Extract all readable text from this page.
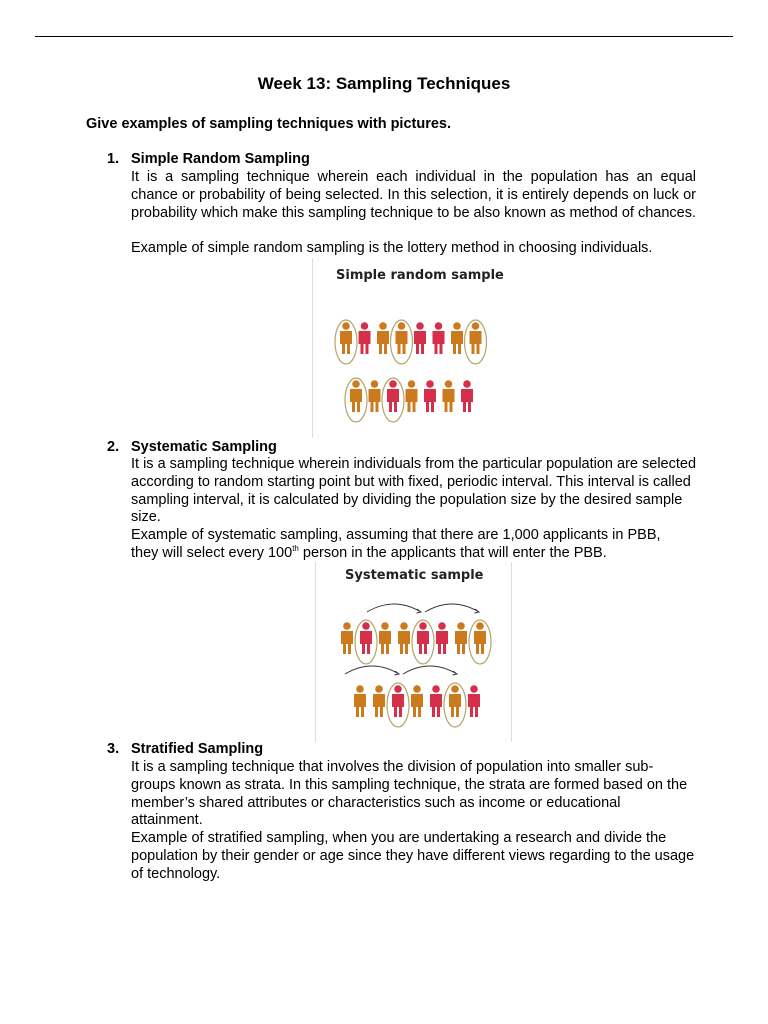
Week 13: Sampling Techniques

Give examples of sampling techniques with pictures.

1. Simple Random Sampling

It is a sampling technique wherein each individual in the population has an equal chance or probability of being selected. In this selection, it is entirely depends on luck or probability which make this sampling technique to be also known as method of chances.

Example of simple random sampling is the lottery method in choosing individuals.

Simple random sample
2. Systematic Sampling

It is a sampling technique wherein individuals from the particular population are selected according to random starting point but with fixed, periodic interval. This interval is called sampling interval, it is calculated by dividing the population size by the desired sample size.

Example of systematic sampling, assuming that there are 1,000 applicants in PBB,
they will select every 100th person in the applicants that will enter the PBB.

Systematic sample
3. Stratified Sampling

It is a sampling technique that involves the division of population into smaller sub-groups known as strata. In this sampling technique, the strata are formed based on the member’s shared attributes or characteristics such as income or educational attainment.

Example of stratified sampling, when you are undertaking a research and divide the population by their gender or age since they have different views regarding to the usage of technology.
